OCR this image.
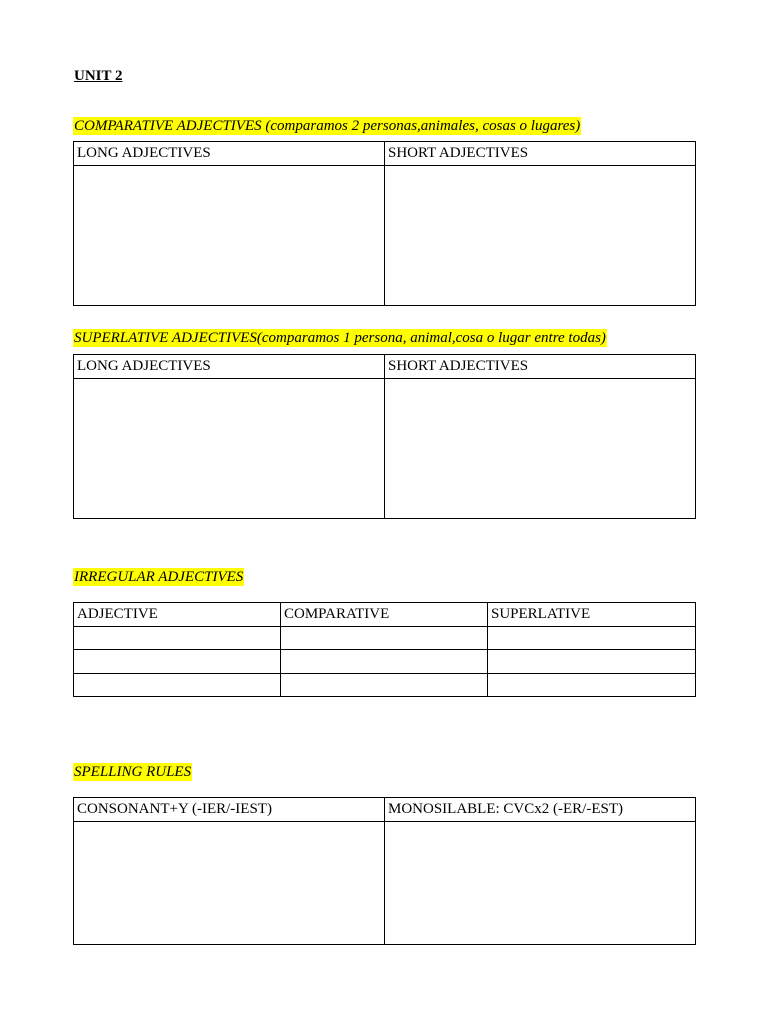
UNIT 2
COMPARATIVE ADJECTIVES (comparamos 2 personas,animales, cosas o lugares)
LONG ADJECTIVES	SHORT ADJECTIVES

SUPERLATIVE ADJECTIVES(comparamos 1 persona, animal,cosa o lugar entre todas)
LONG ADJECTIVES	SHORT ADJECTIVES

IRREGULAR ADJECTIVES
ADJECTIVE	COMPARATIVE	SUPERLATIVE

SPELLING RULES
CONSONANT+Y (-IER/-IEST)	MONOSILABLE: CVCx2 (-ER/-EST)
